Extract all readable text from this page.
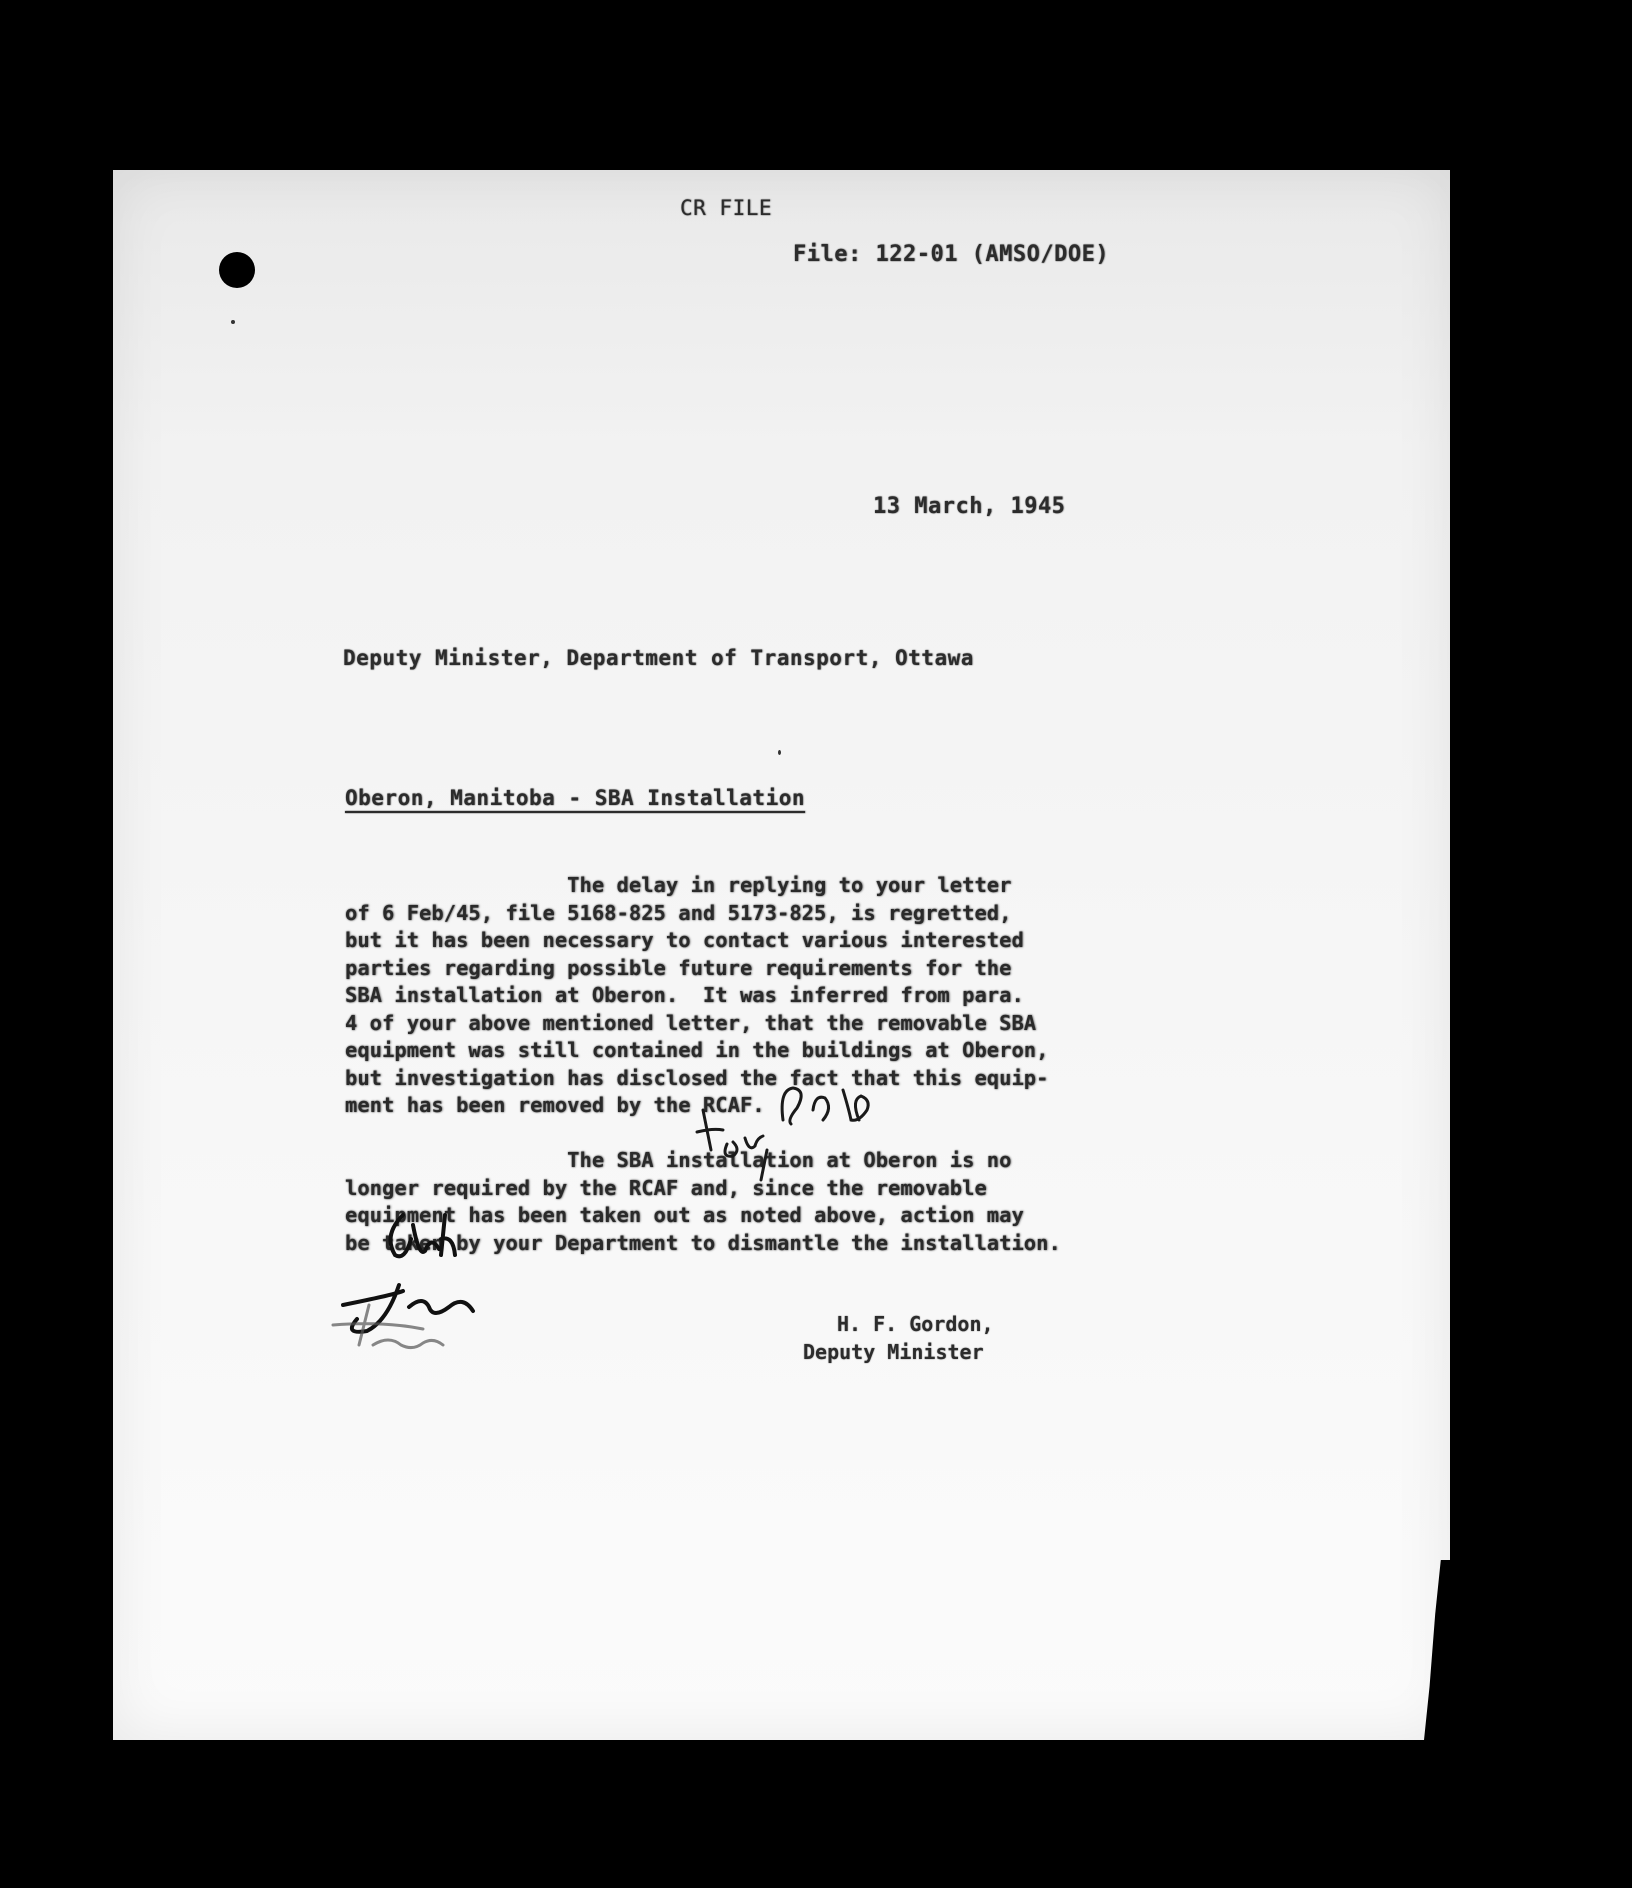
CR FILE
File: 122-01 (AMSO/DOE)
13 March, 1945
Deputy Minister, Department of Transport, Ottawa
Oberon, Manitoba - SBA Installation
The delay in replying to your letter
of 6 Feb/45, file 5168-825 and 5173-825, is regretted,
but it has been necessary to contact various interested
parties regarding possible future requirements for the
SBA installation at Oberon.  It was inferred from para.
4 of your above mentioned letter, that the removable SBA
equipment was still contained in the buildings at Oberon,
but investigation has disclosed the fact that this equip-
ment has been removed by the RCAF.
The SBA installation at Oberon is no
longer required by the RCAF and, since the removable
equipment has been taken out as noted above, action may
be taken by your Department to dismantle the installation.
H. F. Gordon,
Deputy Minister
